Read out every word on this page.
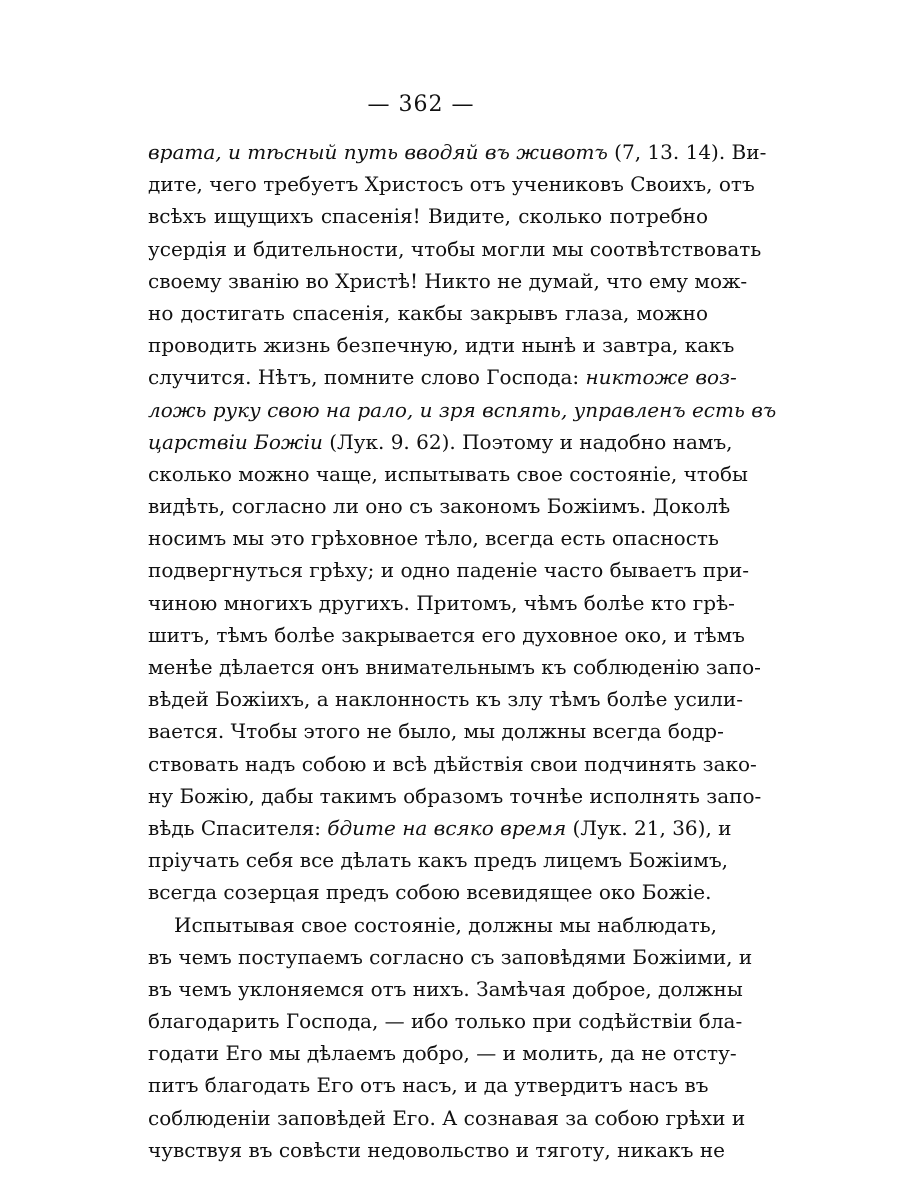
— 362 —
врата, и тѣсный путь вводяй въ животъ (7, 13. 14). Ви-
дите, чего требуетъ Христосъ отъ учениковъ Своихъ, отъ
всѣхъ ищущихъ спасенія! Видите, сколько потребно
усердія и бдительности, чтобы могли мы соотвѣтствовать
своему званію во Христѣ! Никто не думай, что ему мож-
но достигать спасенія, какбы закрывъ глаза, можно
проводить жизнь безпечную, идти нынѣ и завтра, какъ
случится. Нѣтъ, помните слово Господа: никтоже воз-
ложь руку свою на рало, и зря вспять, управленъ есть въ
царствіи Божіи (Лук. 9. 62). Поэтому и надобно намъ,
сколько можно чаще, испытывать свое состояніе, чтобы
видѣть, согласно ли оно съ закономъ Божіимъ. Доколѣ
носимъ мы это грѣховное тѣло, всегда есть опасность
подвергнуться грѣху; и одно паденіе часто бываетъ при-
чиною многихъ другихъ. Притомъ, чѣмъ болѣе кто грѣ-
шитъ, тѣмъ болѣе закрывается его духовное око, и тѣмъ
менѣе дѣлается онъ внимательнымъ къ соблюденію запо-
вѣдей Божіихъ, а наклонность къ злу тѣмъ болѣе усили-
вается. Чтобы этого не было, мы должны всегда бодр-
ствовать надъ собою и всѣ дѣйствія свои подчинять зако-
ну Божію, дабы такимъ образомъ точнѣе исполнять запо-
вѣдь Спасителя: бдите на всяко время (Лук. 21, 36), и
пріучать себя все дѣлать какъ предъ лицемъ Божіимъ,
всегда созерцая предъ собою всевидящее око Божіе.
Испытывая свое состояніе, должны мы наблюдать,
въ чемъ поступаемъ согласно съ заповѣдями Божіими, и
въ чемъ уклоняемся отъ нихъ. Замѣчая доброе, должны
благодарить Господа, — ибо только при содѣйствіи бла-
годати Его мы дѣлаемъ добро, — и молить, да не отсту-
питъ благодать Его отъ насъ, и да утвердитъ насъ въ
соблюденіи заповѣдей Его. А сознавая за собою грѣхи и
чувствуя въ совѣсти недовольство и тяготу, никакъ не
